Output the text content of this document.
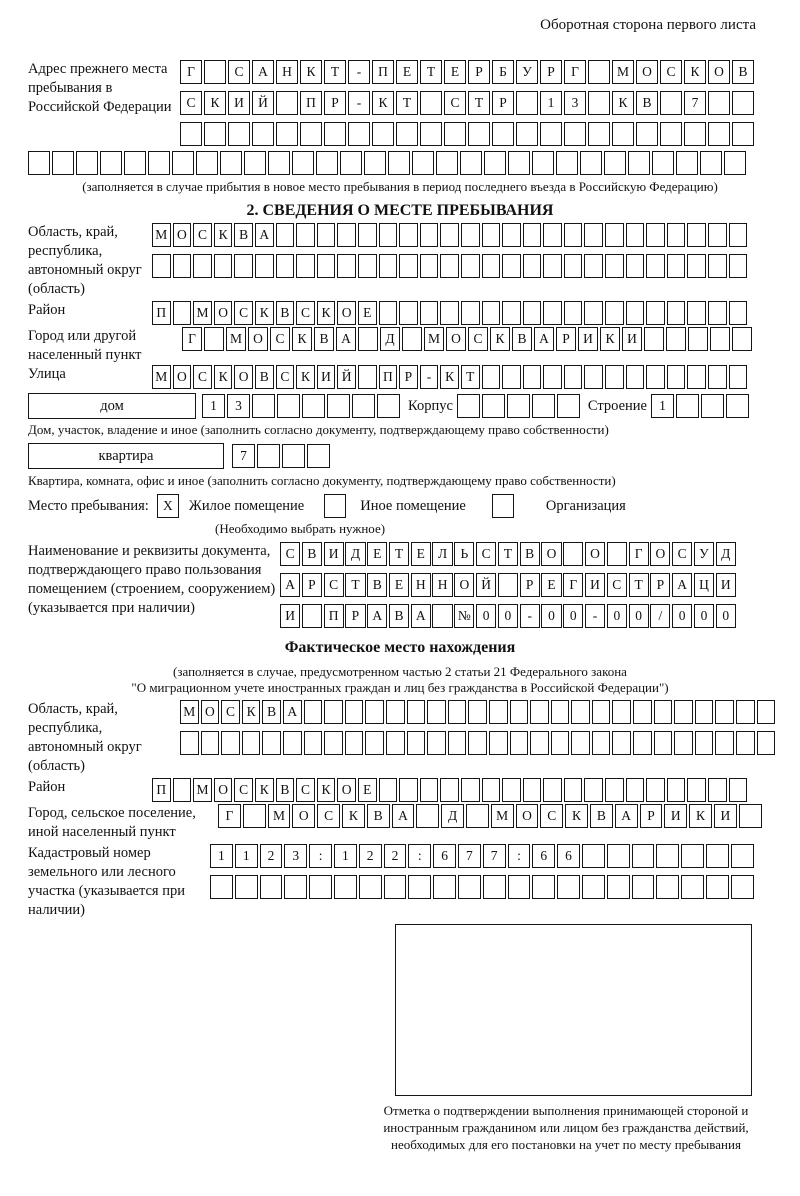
Оборотная сторона первого листа
Адрес прежнего места пребывания в Российской Федерации
Г	С	А	Н	К	Т	-	П	Е	Т	Е	Р	Б	У	Р	Г	М О	С	К	О	В
С	К	И	Й	П	Р	-	К	Т	С	Т	Р	1	3	К	В	7
(заполняется в случае прибытия в новое место пребывания в период последнего въезда в Российскую Федерацию)
2. СВЕДЕНИЯ О МЕСТЕ ПРЕБЫВАНИЯ
Область, край, республика, автономный округ (область)
М О С К В А
Район	П	М О С К В С К О Е
Город или другой населенный пункт
Г	М О С К В А	Д	М О С К В А Р И К И
Улица	М О С К О В С К И Й	П Р	-	К Т
дом	1	3	Корпус	Строение 1
Дом, участок, владение и иное (заполнить согласно документу, подтверждающему право собственности)
квартира	7
Квартира, комната, офис и иное (заполнить согласно документу, подтверждающему право собственности)
Место пребывания:	X	Жилое помещение	Иное помещение	Организация
(Необходимо выбрать нужное)
Наименование и реквизиты документа, подтверждающего право пользования помещением (строением, сооружением) (указывается при наличии)
С В И Д Е	Т	Е Л Ь С Т В О	О	Г О С У Д
А Р	С Т В Е Н Н О Й	Р	Е	Г И С Т	Р А Ц И
И	П Р А В А	№ 0	0	-	0	0	-	0	0	/	0	0	0
Фактическое место нахождения
(заполняется в случае, предусмотренном частью 2 статьи 21 Федерального закона
"О миграционном учете иностранных граждан и лиц без гражданства в Российской Федерации")
Область, край, республика, автономный округ (область)
М О С К В А
Район	П	М О С К В С К О Е
Город, сельское поселение, иной населенный пункт
Г	М	О	С	К	В	А	Д	М	О	С	К	В	А	Р	И	К	И
Кадастровый номер земельного или лесного участка (указывается при наличии)
1	1	2	3	:	1	2	2	:	6	7	7	:	6	6
Отметка о подтверждении выполнения принимающей стороной и иностранным гражданином или лицом без гражданства действий, необходимых для его постановки на учет по месту пребывания
